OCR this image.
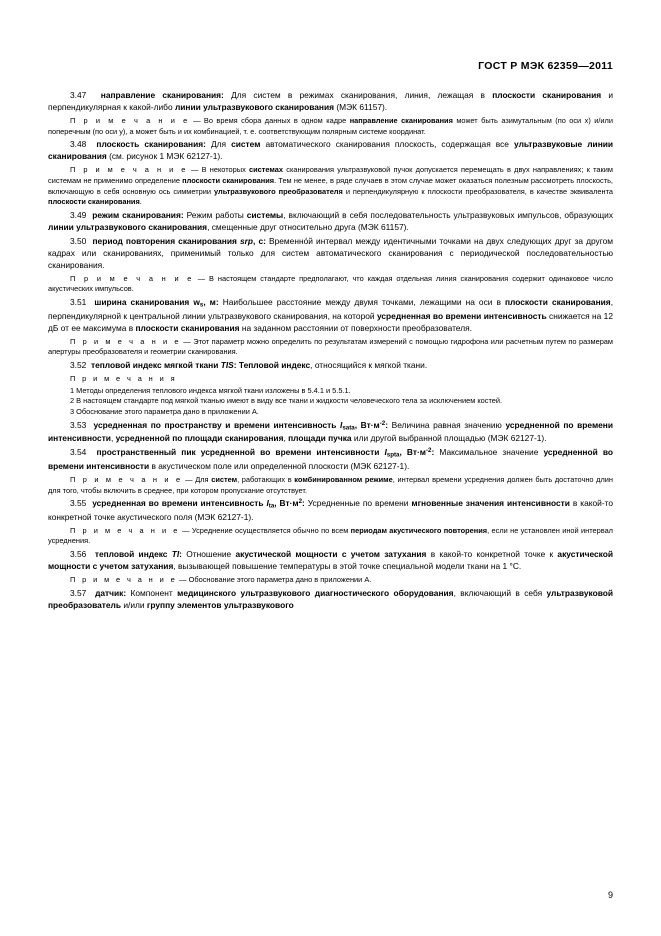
ГОСТ Р МЭК 62359—2011

3.47 направление сканирования: Для систем в режимах сканирования, линия, лежащая в плоскости сканирования и перпендикулярная к какой-либо линии ультразвукового сканирования (МЭК 61157).

П р и м е ч а н и е — Во время сбора данных в одном кадре направление сканирования может быть азимутальным (по оси x) и/или поперечным (по оси y), а может быть и их комбинацией, т. е. соответствующим полярным системе координат.

3.48 плоскость сканирования: Для систем автоматического сканирования плоскость, содержащая все ультразвуковые линии сканирования (см. рисунок 1 МЭК 62127-1).

П р и м е ч а н и е — В некоторых системах сканирования ультразвуковой пучок допускается перемещать в двух направлениях; к таким системам не применимо определение плоскости сканирования. Тем не менее, в ряде случаев в этом случае может оказаться полезным рассмотреть плоскость, включающую в себя основную ось симметрии ультразвукового преобразователя и перпендикулярную к плоскости преобразователя, в качестве эквивалента плоскости сканирования.

3.49 режим сканирования: Режим работы системы, включающий в себя последовательность ультразвуковых импульсов, образующих линии ультразвукового сканирования, смещенные друг относительно друга (МЭК 61157).

3.50 период повторения сканирования srp, с: Временно́й интервал между идентичными точками на двух следующих друг за другом кадрах или сканированиях, применимый только для систем автоматического сканирования с периодической последовательностью сканирования.

П р и м е ч а н и е — В настоящем стандарте предполагают, что каждая отдельная линия сканирования содержит одинаковое число акустических импульсов.

3.51 ширина сканирования $w_s$, м: Наибольшее расстояние между двумя точками, лежащими на оси в плоскости сканирования, перпендикулярной к центральной линии ультразвукового сканирования, на которой усредненная во времени интенсивность снижается на 12 дБ от ее максимума в плоскости сканирования на заданном расстоянии от поверхности преобразователя.

П р и м е ч а н и е — Этот параметр можно определить по результатам измерений с помощью гидрофона или расчетным путем по размерам апертуры преобразователя и геометрии сканирования.

3.52 тепловой индекс мягкой ткани TIS: Тепловой индекс, относящийся к мягкой ткани.

П р и м е ч а н и я

1 Методы определения теплового индекса мягкой ткани изложены в 5.4.1 и 5.5.1.

2 В настоящем стандарте под мягкой тканью имеют в виду все ткани и жидкости человеческого тела за исключением костей.

3 Обоснование этого параметра дано в приложении А.

3.53 усредненная по пространству и времени интенсивность $I_{sata}$, $Вт\cdot м^{-2}$: Величина равная значению усредненной по времени интенсивности, усредненной по площади сканирования, площади пучка или другой выбранной площадью (МЭК 62127-1).

3.54 пространственный пик усредненной во времени интенсивности $I_{spta}$, $Вт\cdot м^{-2}$: Максимальное значение усредненной во времени интенсивности в акустическом поле или определенной плоскости (МЭК 62127-1).

П р и м е ч а н и е — Для систем, работающих в комбинированном режиме, интервал времени усреднения должен быть достаточно длин для того, чтобы включить в среднее, при котором пропускание отсутствует.

3.55 усредненная во времени интенсивность $I_{ta}$, $Вт\cdot м^2$: Усредненные по времени мгновенные значения интенсивности в какой-то конкретной точке акустического поля (МЭК 62127-1).

П р и м е ч а н и е — Усреднение осуществляется обычно по всем периодам акустического повторения, если не установлен иной интервал усреднения.

3.56 тепловой индекс TI: Отношение акустической мощности с учетом затухания в какой-то конкретной точке к акустической мощности с учетом затухания, вызывающей повышение температуры в этой точке специальной модели ткани на 1 °С.

П р и м е ч а н и е — Обоснование этого параметра дано в приложении А.

3.57 датчик: Компонент медицинского ультразвукового диагностического оборудования, включающий в себя ультразвуковой преобразователь и/или группу элементов ультразвукового

9
